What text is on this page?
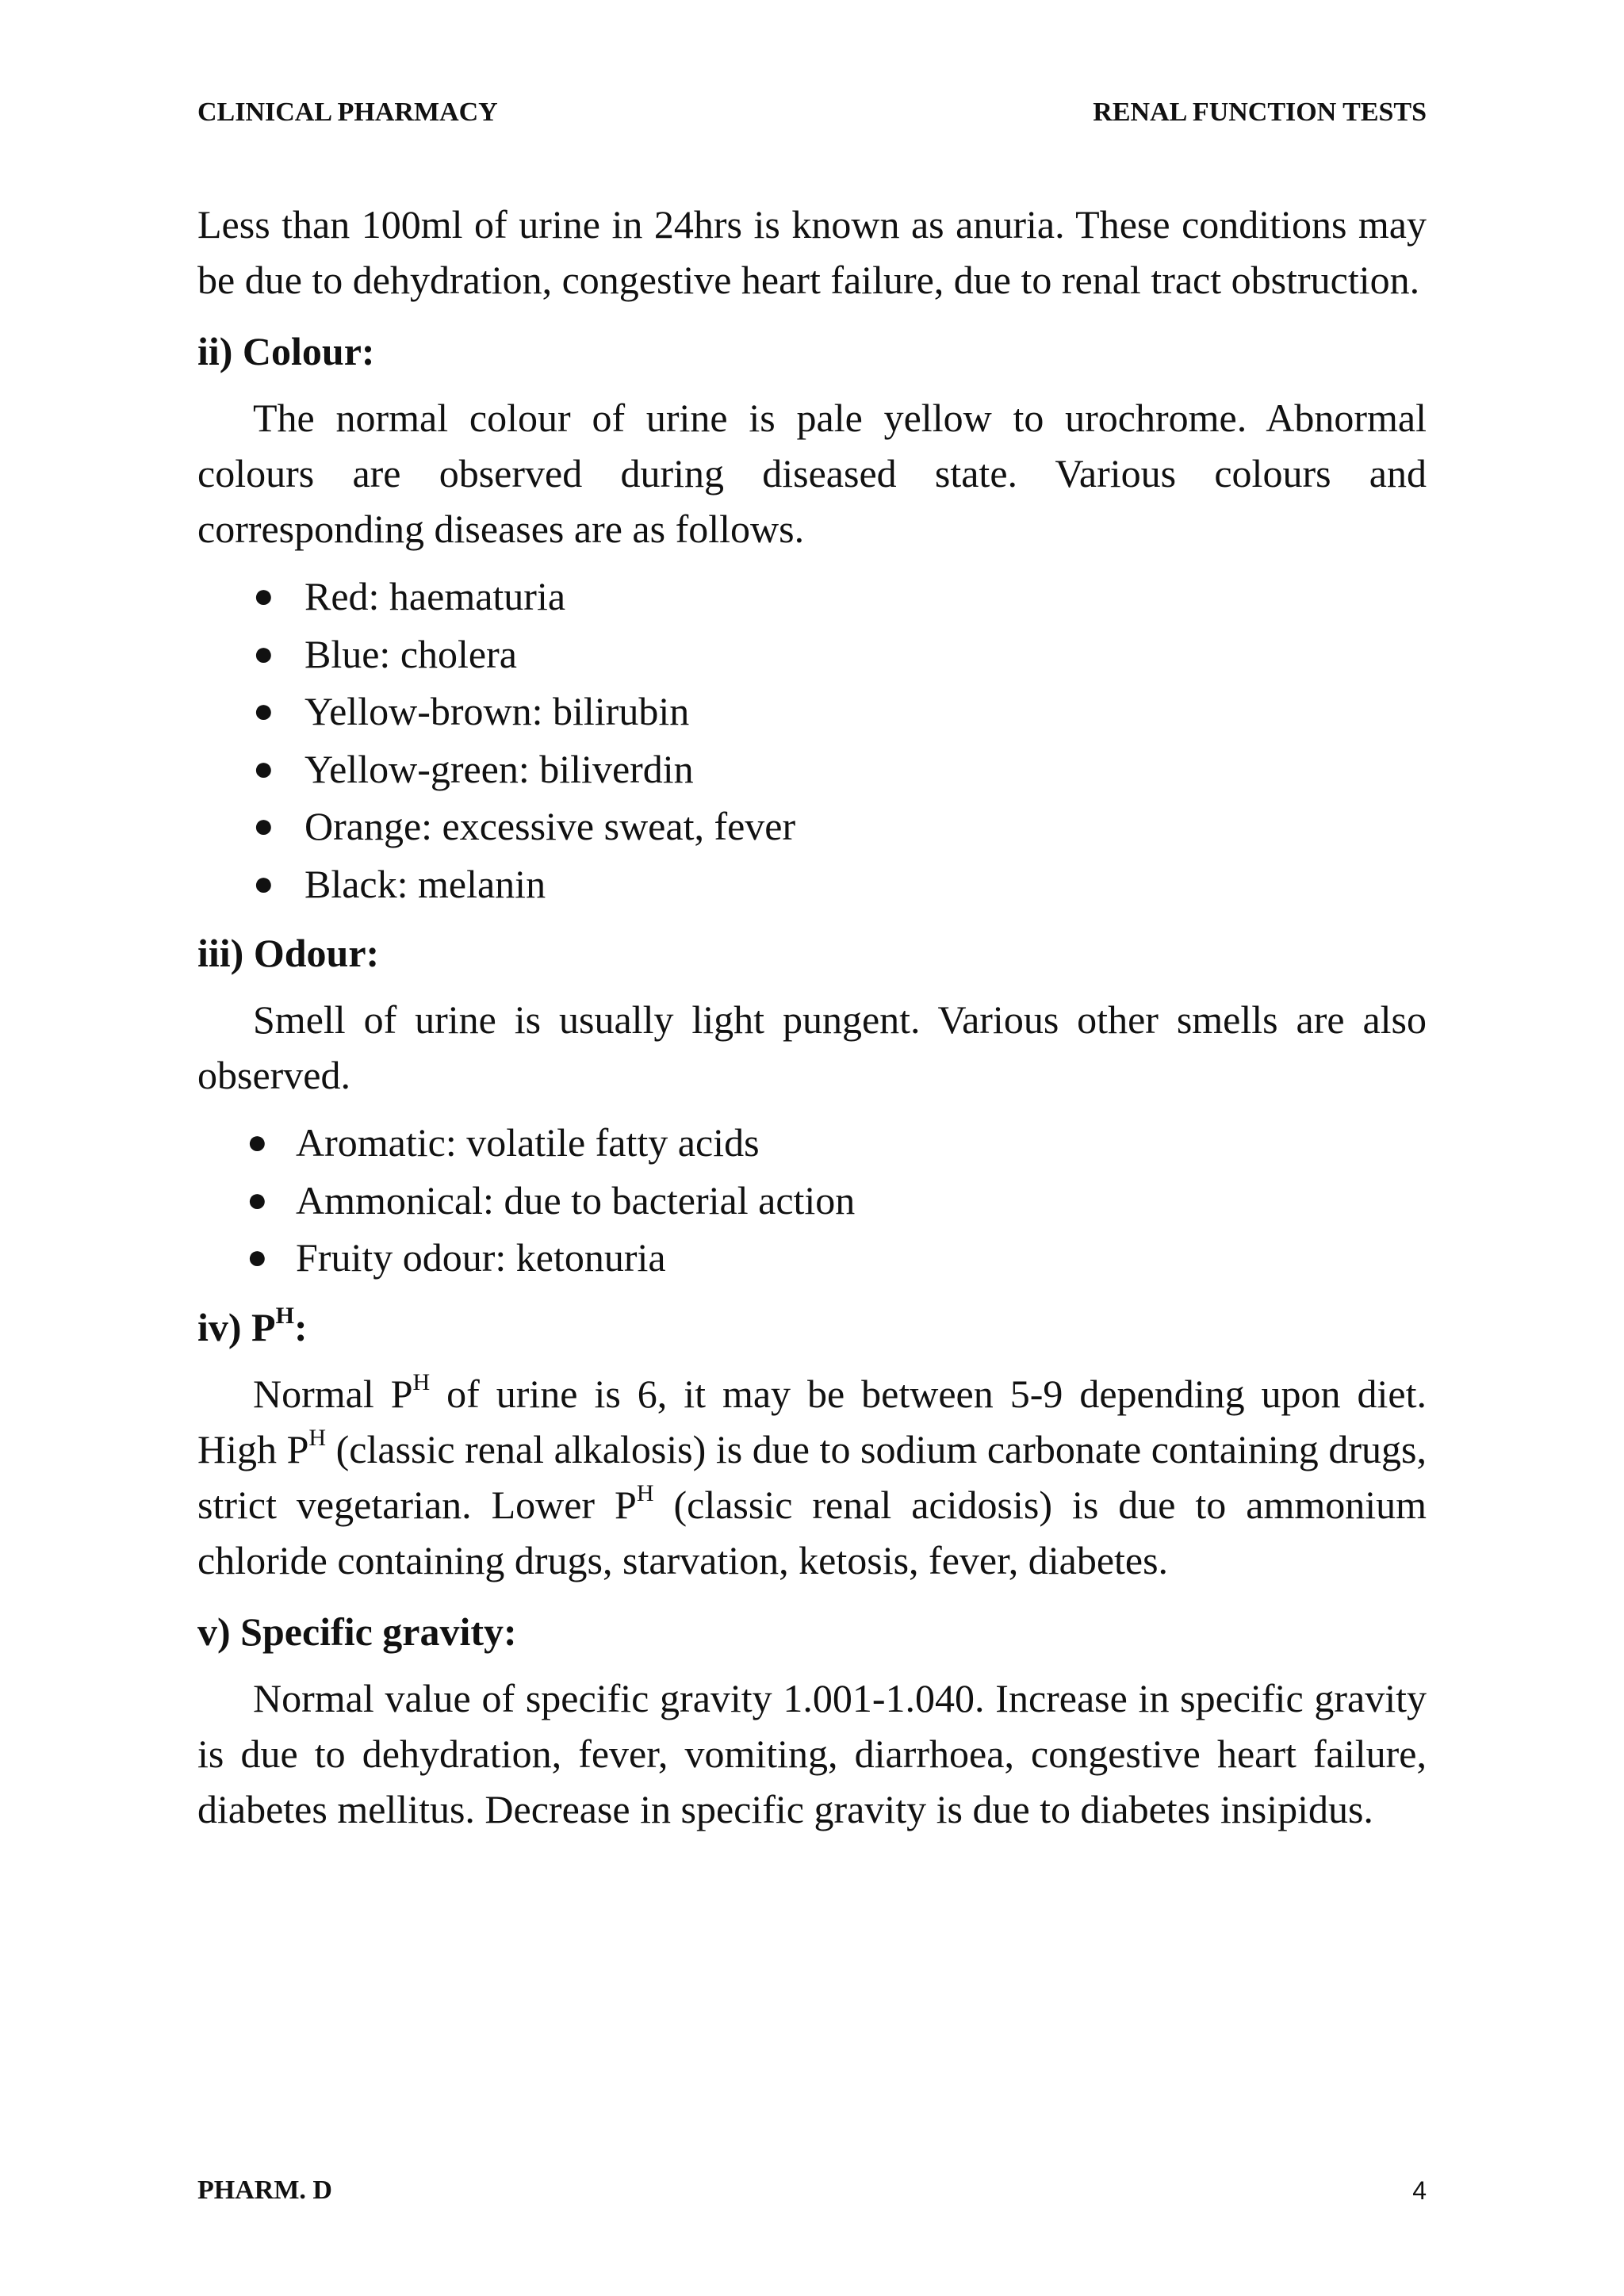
CLINICAL PHARMACY	RENAL FUNCTION TESTS

Less than 100ml of urine in 24hrs is known as anuria. These conditions may be due to dehydration, congestive heart failure, due to renal tract obstruction.

ii) Colour:

The normal colour of urine is pale yellow to urochrome. Abnormal colours are observed during diseased state. Various colours and corresponding diseases are as follows.

● Red: haematuria
● Blue: cholera
● Yellow-brown: bilirubin
● Yellow-green: biliverdin
● Orange: excessive sweat, fever
● Black: melanin
iii) Odour:

Smell of urine is usually light pungent. Various other smells are also observed.

● Aromatic: volatile fatty acids
● Ammonical: due to bacterial action
● Fruity odour: ketonuria
iv) $P^H$:

Normal $P^H$ of urine is 6, it may be between 5-9 depending upon diet. High $P^H$ (classic renal alkalosis) is due to sodium carbonate containing drugs, strict vegetarian. Lower $P^H$ (classic renal acidosis) is due to ammonium chloride containing drugs, starvation, ketosis, fever, diabetes.

v) Specific gravity:

Normal value of specific gravity 1.001-1.040. Increase in specific gravity is due to dehydration, fever, vomiting, diarrhoea, congestive heart failure, diabetes mellitus. Decrease in specific gravity is due to diabetes insipidus.

PHARM. D	4
